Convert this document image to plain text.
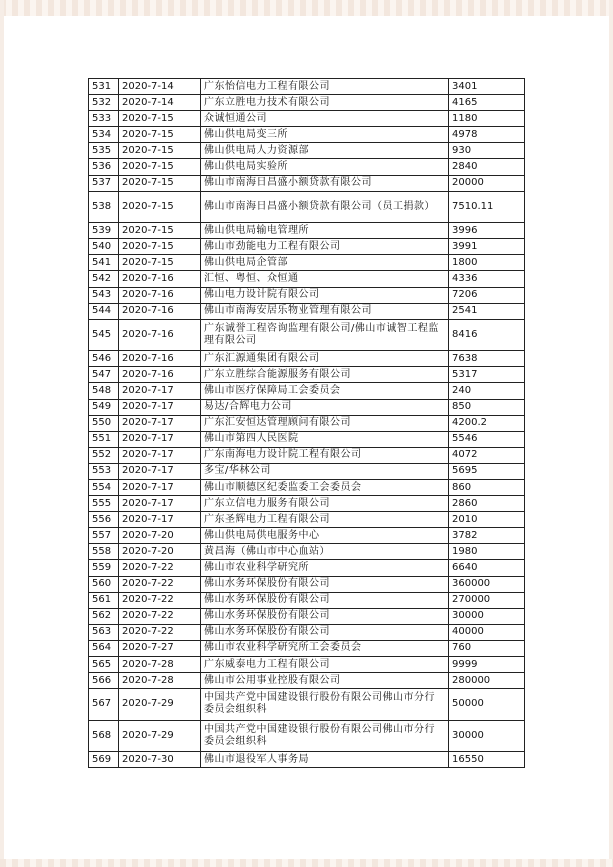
531	2020-7-14	广东怡信电力工程有限公司	3401
532	2020-7-14	广东立胜电力技术有限公司	4165
533	2020-7-15	众诚恒通公司	1180
534	2020-7-15	佛山供电局变三所	4978
535	2020-7-15	佛山供电局人力资源部	930
536	2020-7-15	佛山供电局实验所	2840
537	2020-7-15	佛山市南海日昌盛小额贷款有限公司	20000
538	2020-7-15	佛山市南海日昌盛小额贷款有限公司（员工捐款）	7510.11
539	2020-7-15	佛山供电局输电管理所	3996
540	2020-7-15	佛山市劲能电力工程有限公司	3991
541	2020-7-15	佛山供电局企管部	1800
542	2020-7-16	汇恒、粤恒、众恒通	4336
543	2020-7-16	佛山电力设计院有限公司	7206
544	2020-7-16	佛山市南海安居乐物业管理有限公司	2541
545	2020-7-16	广东诚誉工程咨询监理有限公司/佛山市诚智工程监理有限公司	8416
546	2020-7-16	广东汇源通集团有限公司	7638
547	2020-7-16	广东立胜综合能源服务有限公司	5317
548	2020-7-17	佛山市医疗保障局工会委员会	240
549	2020-7-17	易达/合辉电力公司	850
550	2020-7-17	广东汇安恒达管理顾问有限公司	4200.2
551	2020-7-17	佛山市第四人民医院	5546
552	2020-7-17	广东南海电力设计院工程有限公司	4072
553	2020-7-17	多宝/华林公司	5695
554	2020-7-17	佛山市顺德区纪委监委工会委员会	860
555	2020-7-17	广东立信电力服务有限公司	2860
556	2020-7-17	广东圣辉电力工程有限公司	2010
557	2020-7-20	佛山供电局供电服务中心	3782
558	2020-7-20	黄昌海（佛山市中心血站）	1980
559	2020-7-22	佛山市农业科学研究所	6640
560	2020-7-22	佛山水务环保股份有限公司	360000
561	2020-7-22	佛山水务环保股份有限公司	270000
562	2020-7-22	佛山水务环保股份有限公司	30000
563	2020-7-22	佛山水务环保股份有限公司	40000
564	2020-7-27	佛山市农业科学研究所工会委员会	760
565	2020-7-28	广东威泰电力工程有限公司	9999
566	2020-7-28	佛山市公用事业控股有限公司	280000
567	2020-7-29	中国共产党中国建设银行股份有限公司佛山市分行委员会组织科	50000
568	2020-7-29	中国共产党中国建设银行股份有限公司佛山市分行委员会组织科	30000
569	2020-7-30	佛山市退役军人事务局	16550
